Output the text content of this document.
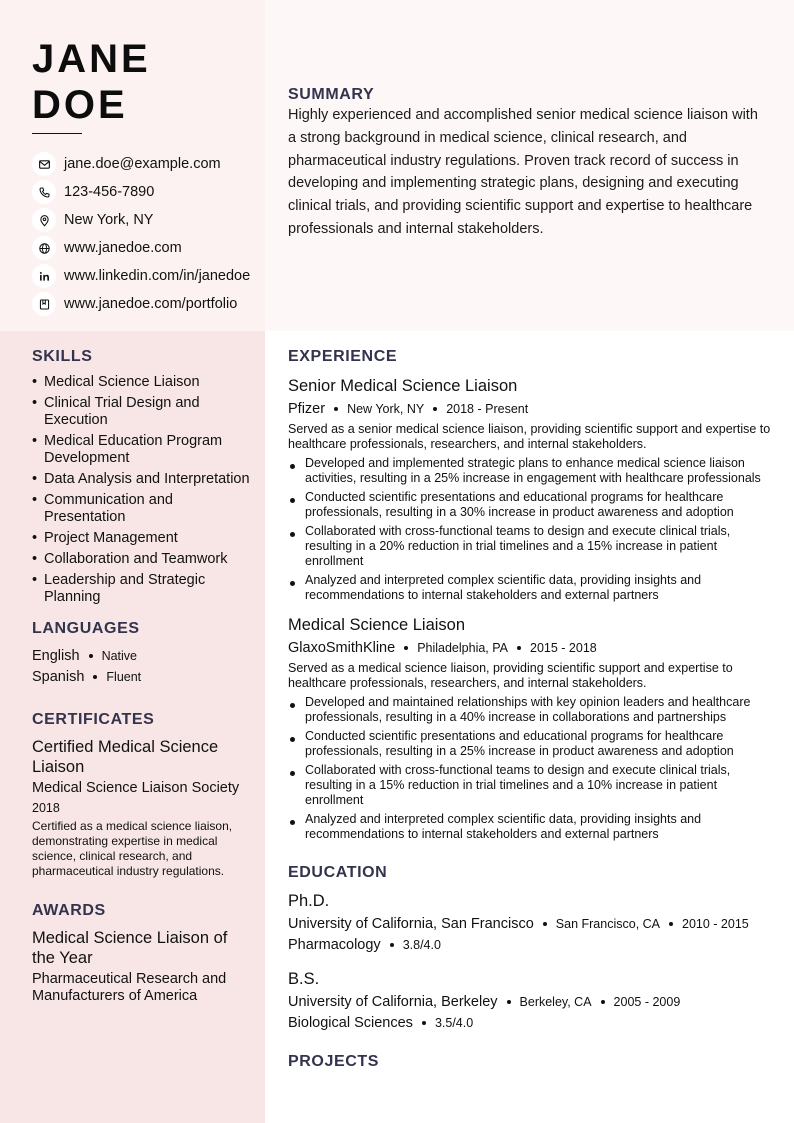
JANE
DOE
jane.doe@example.com
123-456-7890
New York, NY
www.janedoe.com
www.linkedin.com/in/janedoe
www.janedoe.com/portfolio
SUMMARY

Highly experienced and accomplished senior medical science liaison with a strong background in medical science, clinical research, and pharmaceutical industry regulations. Proven track record of success in developing and implementing strategic plans, designing and executing clinical trials, and providing scientific support and expertise to healthcare professionals and internal stakeholders.

SKILLS
• Medical Science Liaison
• Clinical Trial Design and Execution
• Medical Education Program Development
• Data Analysis and Interpretation
• Communication and Presentation
• Project Management
• Collaboration and Teamwork
• Leadership and Strategic Planning
LANGUAGES
English Native
Spanish Fluent
CERTIFICATES
Certified Medical Science Liaison
Medical Science Liaison Society
2018
Certified as a medical science liaison, demonstrating expertise in medical science, clinical research, and pharmaceutical industry regulations.
AWARDS
Medical Science Liaison of the Year
Pharmaceutical Research and Manufacturers of America
EXPERIENCE
Senior Medical Science Liaison
Pfizer New York, NY 2018 - Present
Served as a senior medical science liaison, providing scientific support and expertise to healthcare professionals, researchers, and internal stakeholders.
Developed and implemented strategic plans to enhance medical science liaison activities, resulting in a 25% increase in engagement with healthcare professionals
Conducted scientific presentations and educational programs for healthcare professionals, resulting in a 30% increase in product awareness and adoption
Collaborated with cross-functional teams to design and execute clinical trials, resulting in a 20% reduction in trial timelines and a 15% increase in patient enrollment
Analyzed and interpreted complex scientific data, providing insights and recommendations to internal stakeholders and external partners
Medical Science Liaison
GlaxoSmithKline Philadelphia, PA 2015 - 2018
Served as a medical science liaison, providing scientific support and expertise to healthcare professionals, researchers, and internal stakeholders.
Developed and maintained relationships with key opinion leaders and healthcare professionals, resulting in a 40% increase in collaborations and partnerships
Conducted scientific presentations and educational programs for healthcare professionals, resulting in a 25% increase in product awareness and adoption
Collaborated with cross-functional teams to design and execute clinical trials, resulting in a 15% reduction in trial timelines and a 10% increase in patient enrollment
Analyzed and interpreted complex scientific data, providing insights and recommendations to internal stakeholders and external partners
EDUCATION
Ph.D.
University of California, San Francisco San Francisco, CA 2010 - 2015
Pharmacology 3.8/4.0
B.S.
University of California, Berkeley Berkeley, CA 2005 - 2009
Biological Sciences 3.5/4.0
PROJECTS
